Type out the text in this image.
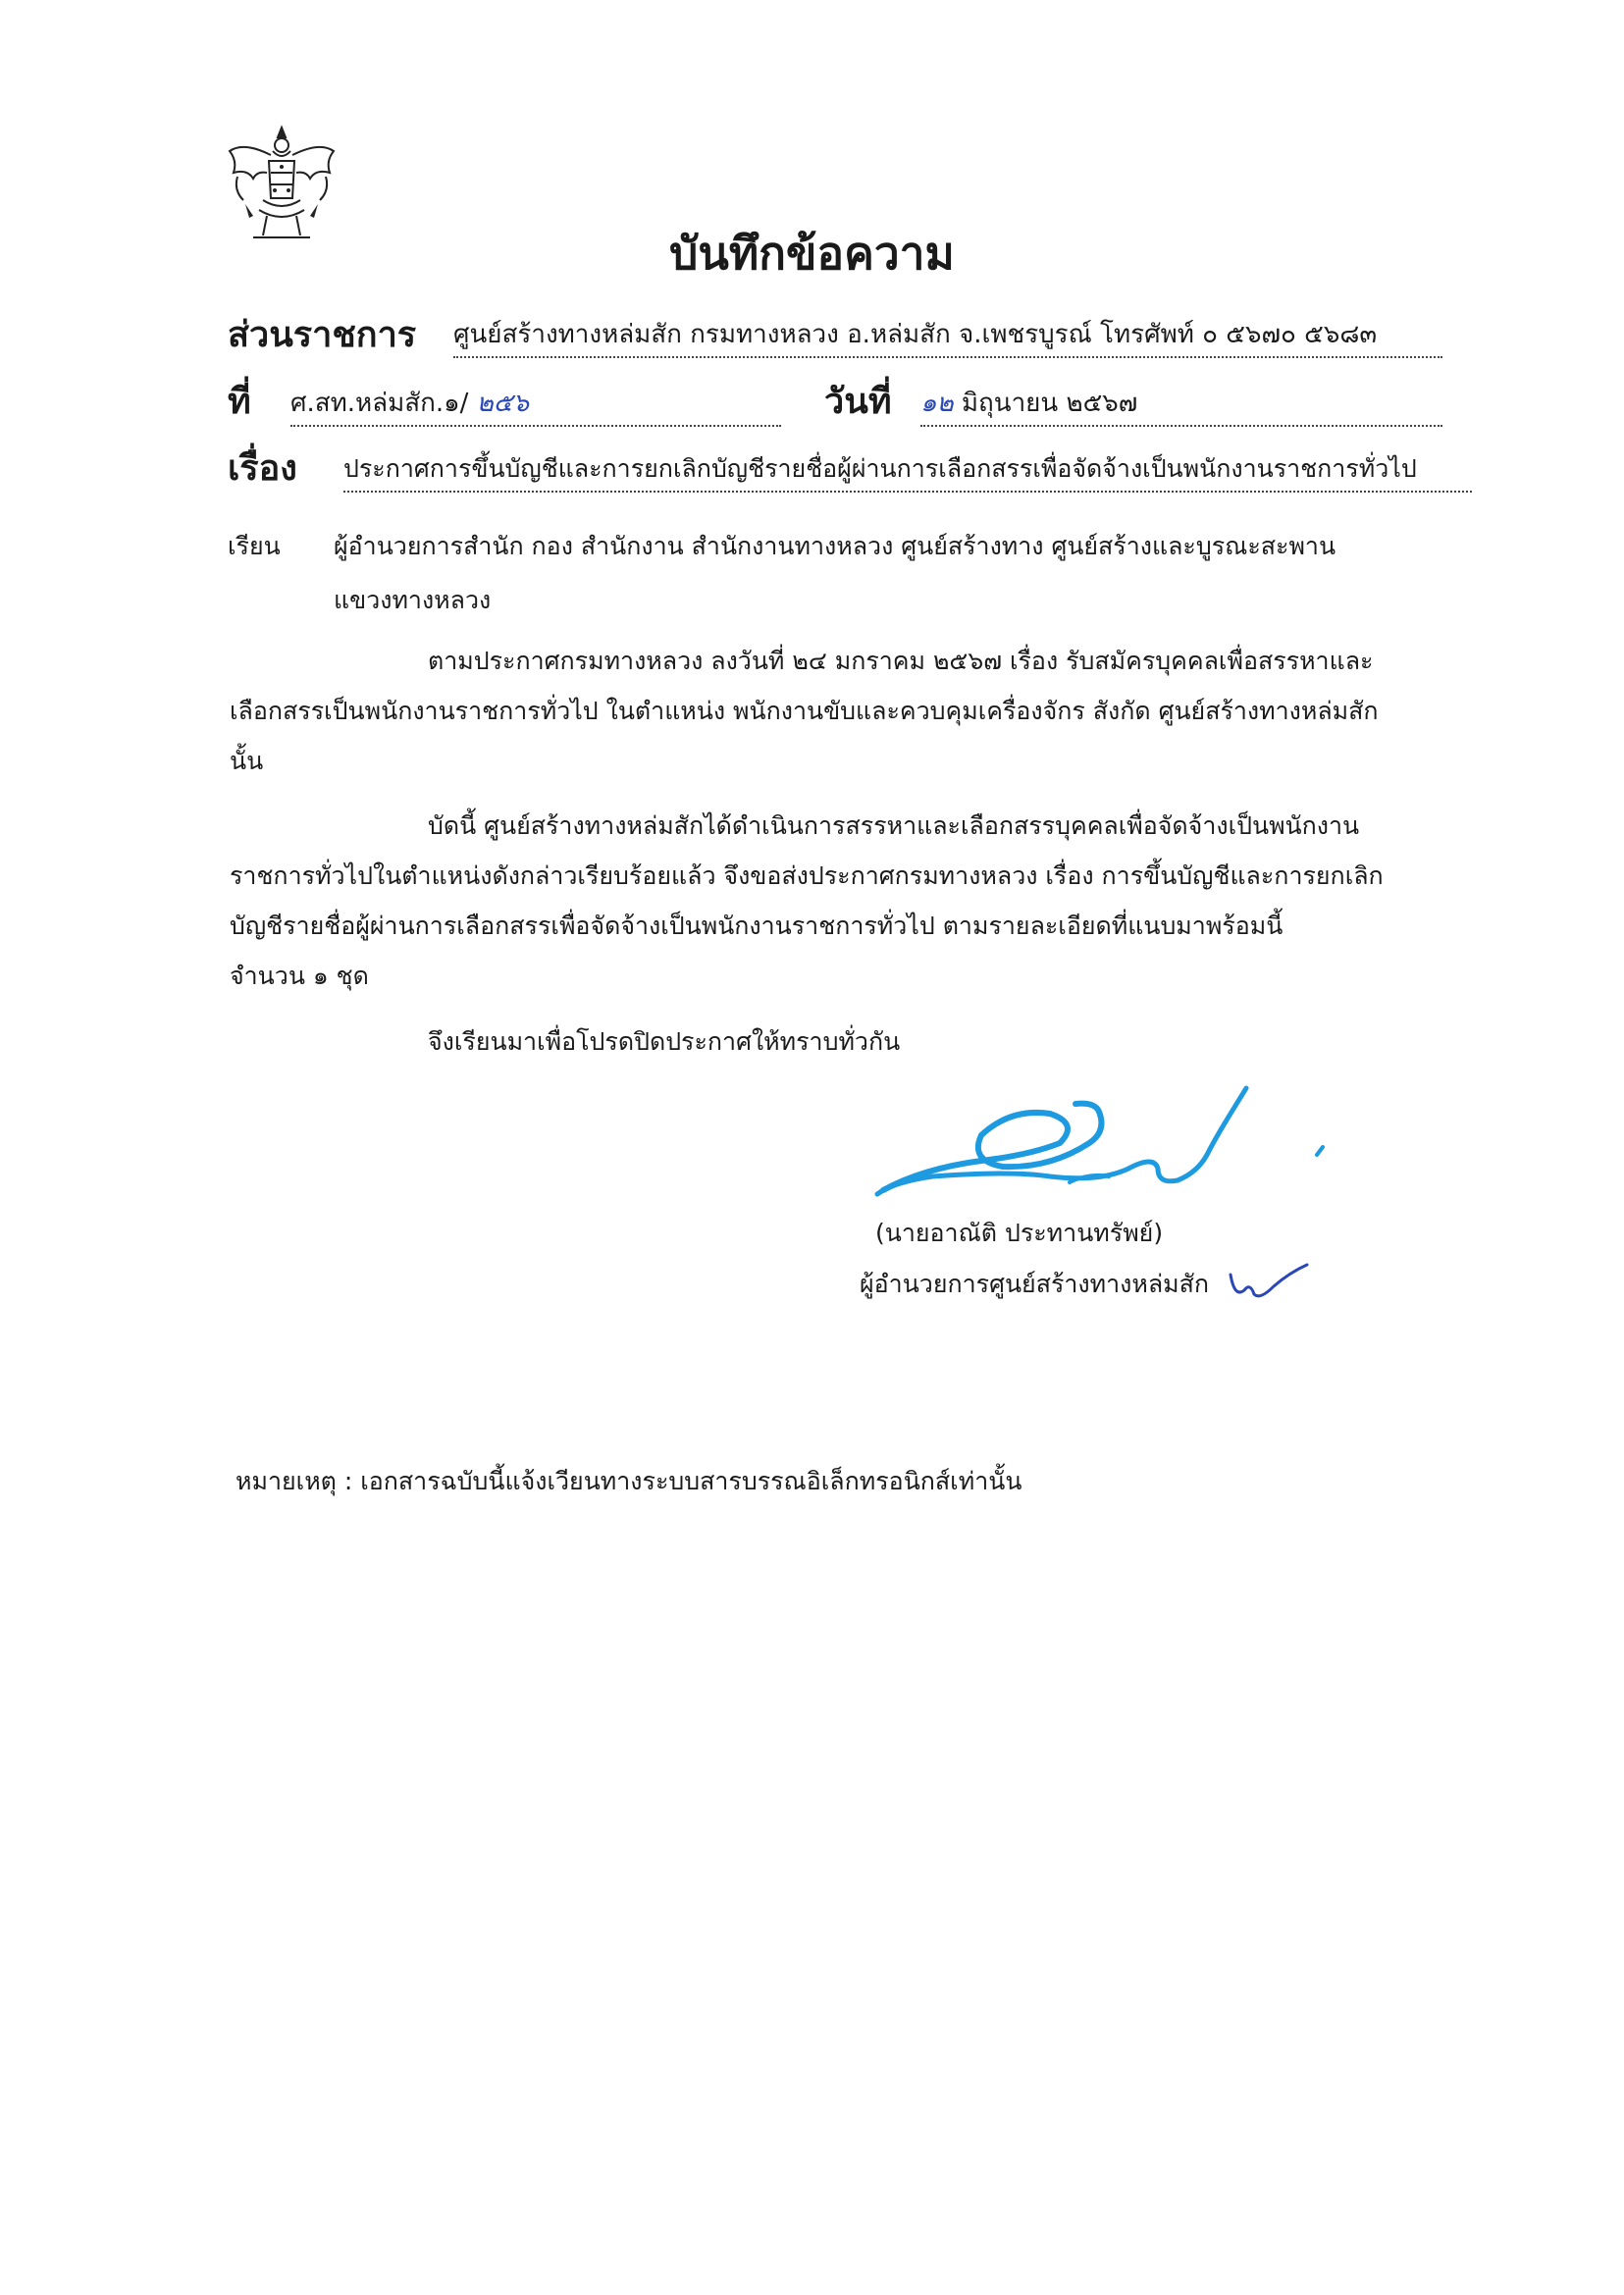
บันทึกข้อความ
ส่วนราชการ ศูนย์สร้างทางหล่มสัก กรมทางหลวง อ.หล่มสัก จ.เพชรบูรณ์ โทรศัพท์ ๐ ๕๖๗๐ ๕๖๘๓
ที่ ศ.สท.หล่มสัก.๑/ ๒๕๖	วันที่ ๑๒ มิถุนายน ๒๕๖๗
เรื่อง ประกาศการขึ้นบัญชีและการยกเลิกบัญชีรายชื่อผู้ผ่านการเลือกสรรเพื่อจัดจ้างเป็นพนักงานราชการทั่วไป
เรียน ผู้อำนวยการสำนัก กอง สำนักงาน สำนักงานทางหลวง ศูนย์สร้างทาง ศูนย์สร้างและบูรณะสะพาน
แขวงทางหลวง
ตามประกาศกรมทางหลวง ลงวันที่ ๒๔ มกราคม ๒๕๖๗ เรื่อง รับสมัครบุคคลเพื่อสรรหาและ
เลือกสรรเป็นพนักงานราชการทั่วไป ในตำแหน่ง พนักงานขับและควบคุมเครื่องจักร สังกัด ศูนย์สร้างทางหล่มสัก
นั้น
บัดนี้ ศูนย์สร้างทางหล่มสักได้ดำเนินการสรรหาและเลือกสรรบุคคลเพื่อจัดจ้างเป็นพนักงาน
ราชการทั่วไปในตำแหน่งดังกล่าวเรียบร้อยแล้ว จึงขอส่งประกาศกรมทางหลวง เรื่อง การขึ้นบัญชีและการยกเลิก
บัญชีรายชื่อผู้ผ่านการเลือกสรรเพื่อจัดจ้างเป็นพนักงานราชการทั่วไป ตามรายละเอียดที่แนบมาพร้อมนี้
จำนวน ๑ ชุด
จึงเรียนมาเพื่อโปรดปิดประกาศให้ทราบทั่วกัน
(นายอาณัติ ประทานทรัพย์)
ผู้อำนวยการศูนย์สร้างทางหล่มสัก
หมายเหตุ : เอกสารฉบับนี้แจ้งเวียนทางระบบสารบรรณอิเล็กทรอนิกส์เท่านั้น
